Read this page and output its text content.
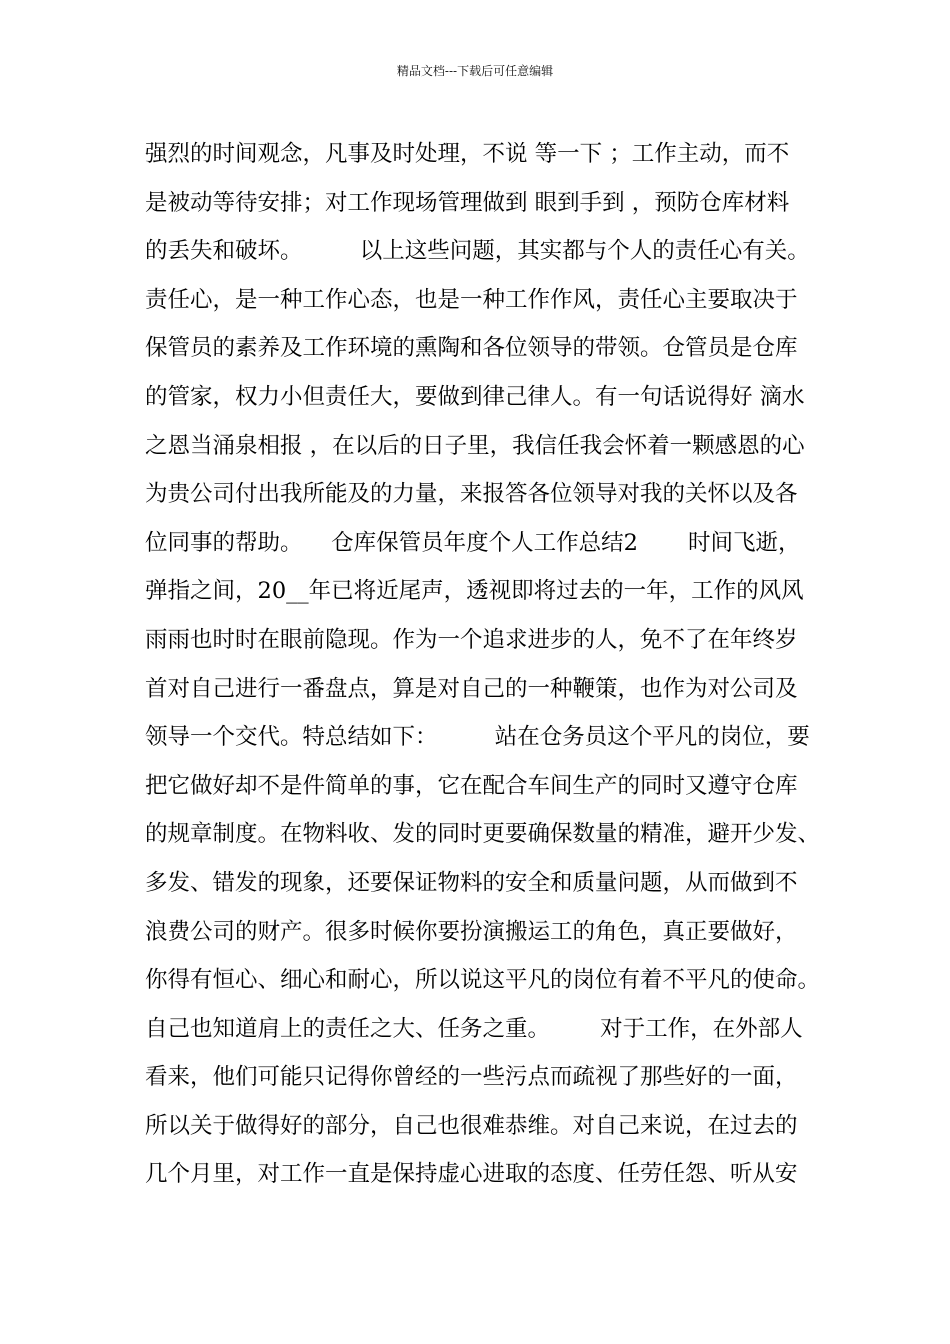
精品文档---下载后可任意编辑
强烈的时间观念，凡事及时处理，不说 等一下 ；工作主动，而不
是被动等待安排；对工作现场管理做到 眼到手到 ，预防仓库材料
的丢失和破坏。        以上这些问题，其实都与个人的责任心有关。
责任心，是一种工作心态，也是一种工作作风，责任心主要取决于
保管员的素养及工作环境的熏陶和各位领导的带领。仓管员是仓库
的管家，权力小但责任大，要做到律己律人。有一句话说得好 滴水
之恩当涌泉相报 ，在以后的日子里，我信任我会怀着一颗感恩的心
为贵公司付出我所能及的力量，来报答各位领导对我的关怀以及各
位同事的帮助。    仓库保管员年度个人工作总结2       时间飞逝，
弹指之间，20__年已将近尾声，透视即将过去的一年，工作的风风
雨雨也时时在眼前隐现。作为一个追求进步的人，免不了在年终岁
首对自己进行一番盘点，算是对自己的一种鞭策，也作为对公司及
领导一个交代。特总结如下：        站在仓务员这个平凡的岗位，要
把它做好却不是件简单的事，它在配合车间生产的同时又遵守仓库
的规章制度。在物料收、发的同时更要确保数量的精准，避开少发、
多发、错发的现象，还要保证物料的安全和质量问题，从而做到不
浪费公司的财产。很多时候你要扮演搬运工的角色，真正要做好，
你得有恒心、细心和耐心，所以说这平凡的岗位有着不平凡的使命。
自己也知道肩上的责任之大、任务之重。       对于工作，在外部人
看来，他们可能只记得你曾经的一些污点而疏视了那些好的一面，
所以关于做得好的部分，自己也很难恭维。对自己来说，在过去的
几个月里，对工作一直是保持虚心进取的态度、任劳任怨、听从安
